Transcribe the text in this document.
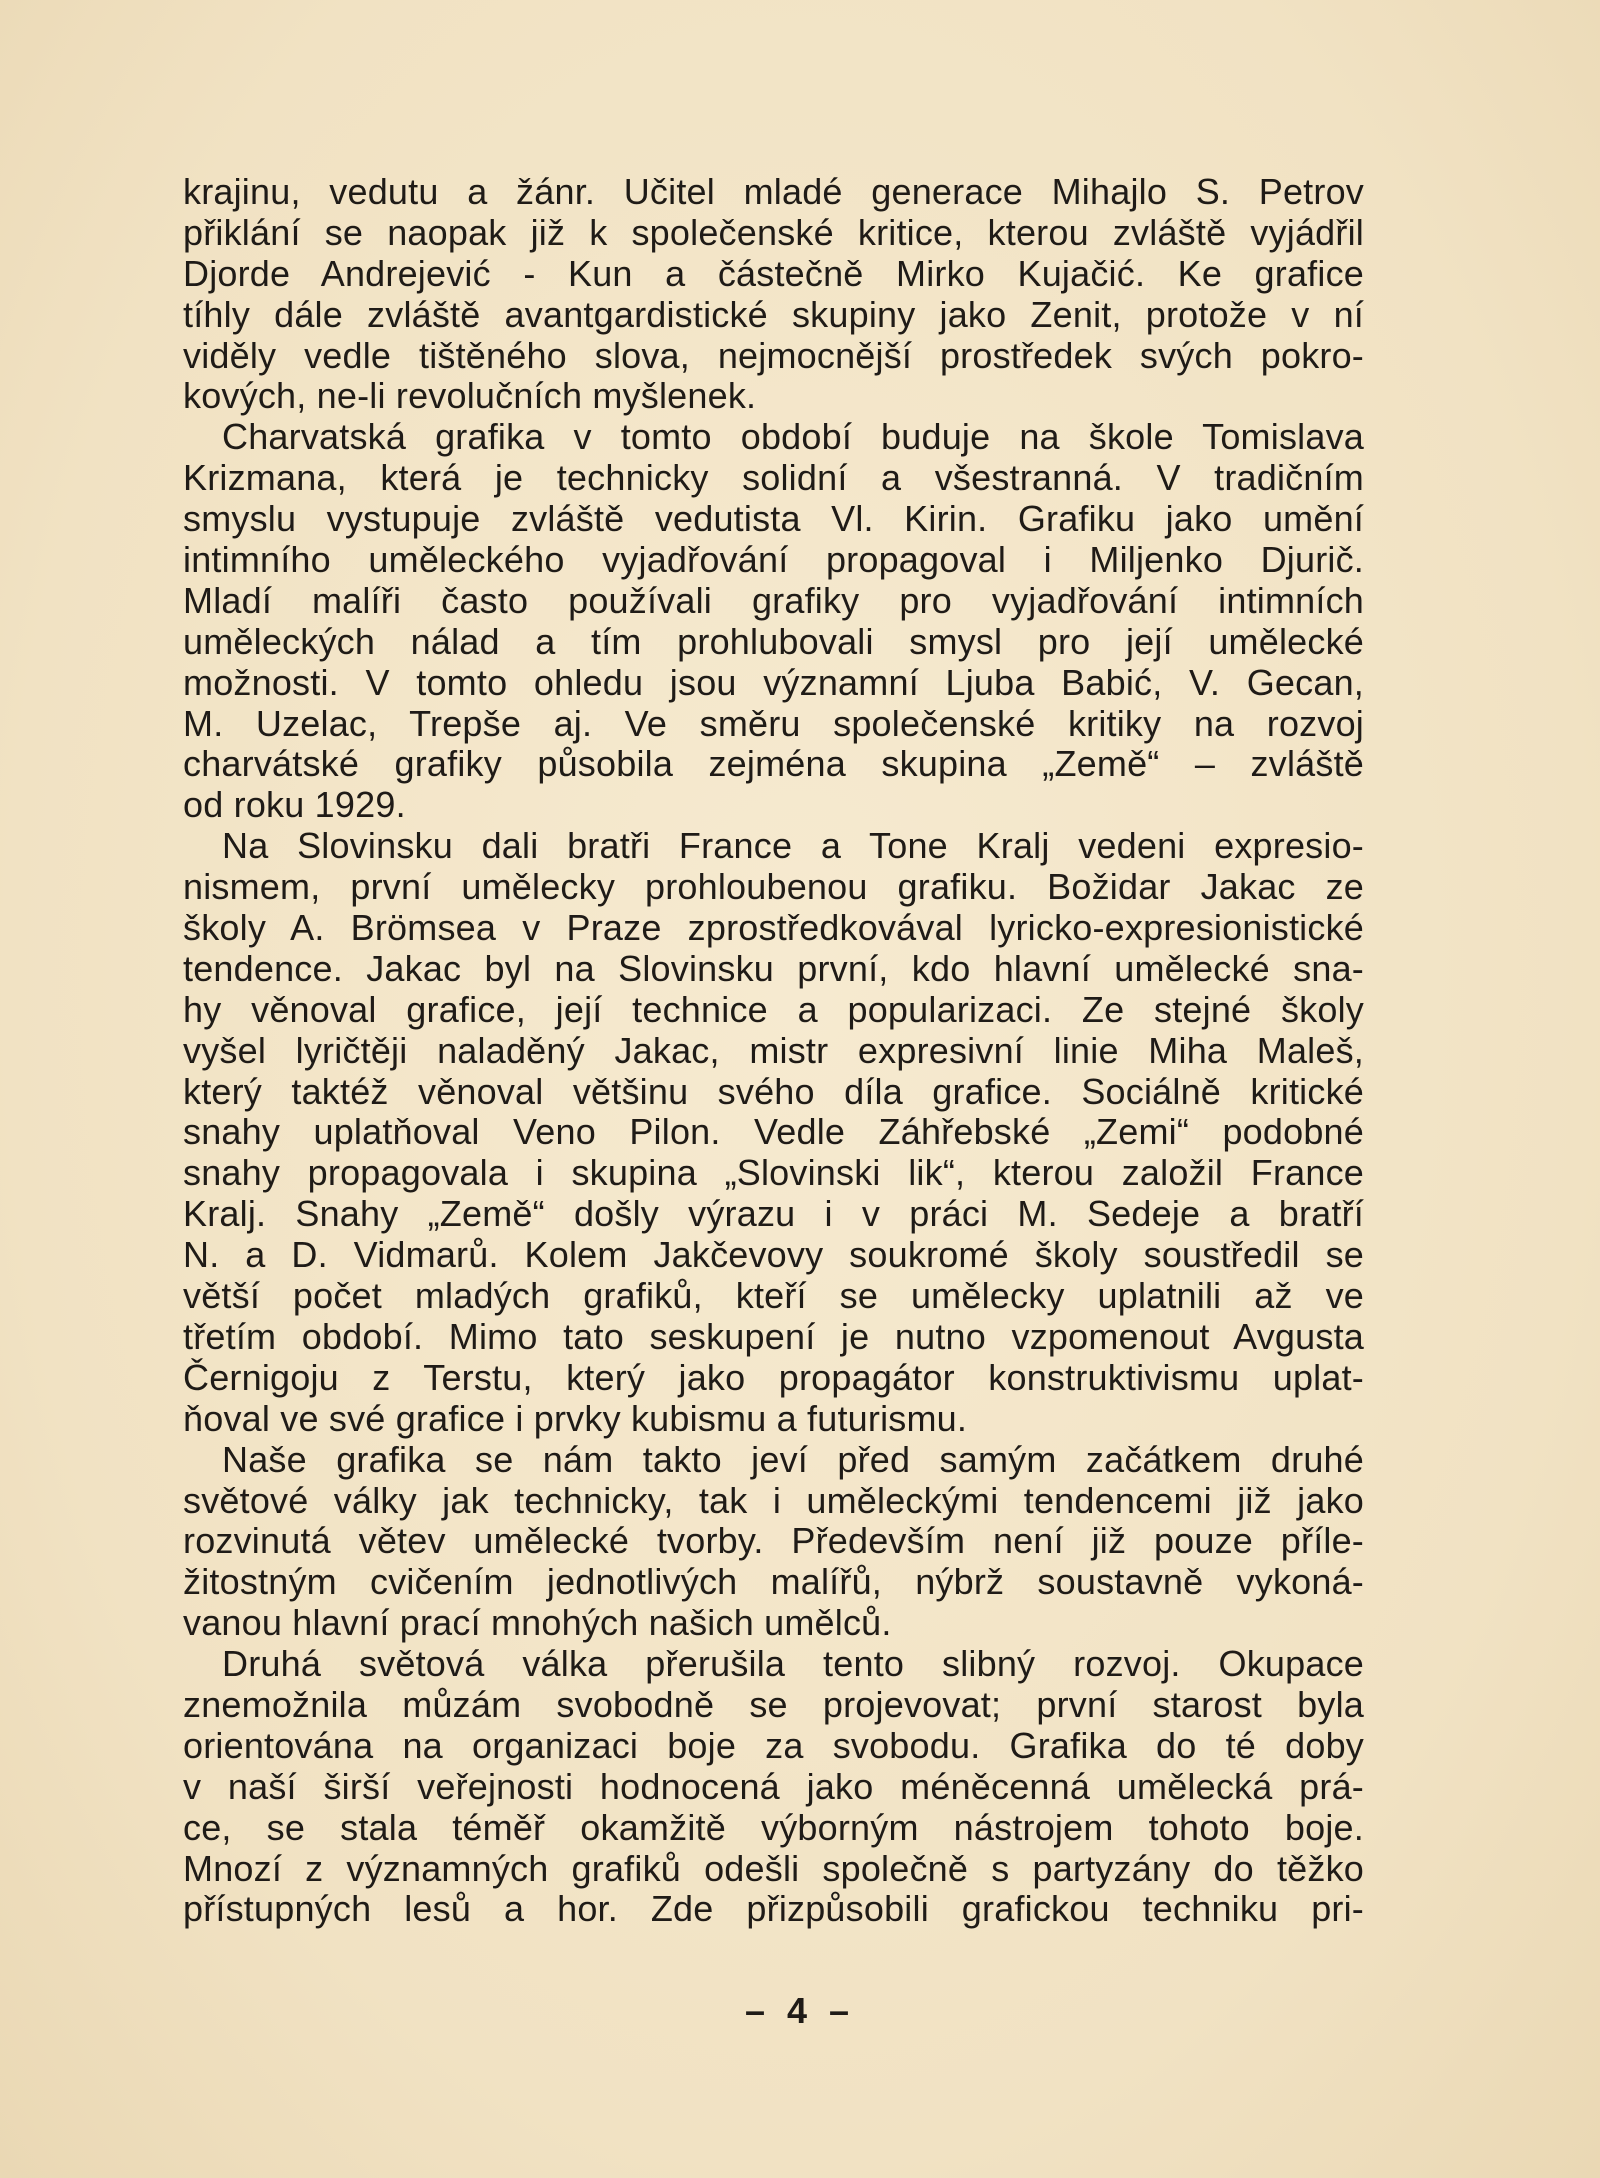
krajinu, vedutu a žánr. Učitel mladé generace Mihajlo S. Petrov
přiklání se naopak již k společenské kritice, kterou zvláště vyjádřil
Djorde Andrejević - Kun a částečně Mirko Kujačić. Ke grafice
tíhly dále zvláště avantgardistické skupiny jako Zenit, protože v ní
viděly vedle tištěného slova, nejmocnější prostředek svých pokro-
kových, ne-li revolučních myšlenek.
Charvatská grafika v tomto období buduje na škole Tomislava
Krizmana, která je technicky solidní a všestranná. V tradičním
smyslu vystupuje zvláště vedutista Vl. Kirin. Grafiku jako umění
intimního uměleckého vyjadřování propagoval i Miljenko Djurič.
Mladí malíři často používali grafiky pro vyjadřování intimních
uměleckých nálad a tím prohlubovali smysl pro její umělecké
možnosti. V tomto ohledu jsou významní Ljuba Babić, V. Gecan,
M. Uzelac, Trepše aj. Ve směru společenské kritiky na rozvoj
charvátské grafiky působila zejména skupina „Země“ – zvláště
od roku 1929.
Na Slovinsku dali bratři France a Tone Kralj vedeni expresio-
nismem, první umělecky prohloubenou grafiku. Božidar Jakac ze
školy A. Brömsea v Praze zprostředkovával lyricko-expresionistické
tendence. Jakac byl na Slovinsku první, kdo hlavní umělecké sna-
hy věnoval grafice, její technice a popularizaci. Ze stejné školy
vyšel lyričtěji naladěný Jakac, mistr expresivní linie Miha Maleš,
který taktéž věnoval většinu svého díla grafice. Sociálně kritické
snahy uplatňoval Veno Pilon. Vedle Záhřebské „Zemi“ podobné
snahy propagovala i skupina „Slovinski lik“, kterou založil France
Kralj. Snahy „Země“ došly výrazu i v práci M. Sedeje a bratří
N. a D. Vidmarů. Kolem Jakčevovy soukromé školy soustředil se
větší počet mladých grafiků, kteří se umělecky uplatnili až ve
třetím období. Mimo tato seskupení je nutno vzpomenout Avgusta
Černigoju z Terstu, který jako propagátor konstruktivismu uplat-
ňoval ve své grafice i prvky kubismu a futurismu.
Naše grafika se nám takto jeví před samým začátkem druhé
světové války jak technicky, tak i uměleckými tendencemi již jako
rozvinutá větev umělecké tvorby. Především není již pouze příle-
žitostným cvičením jednotlivých malířů, nýbrž soustavně vykoná-
vanou hlavní prací mnohých našich umělců.
Druhá světová válka přerušila tento slibný rozvoj. Okupace
znemožnila můzám svobodně se projevovat; první starost byla
orientována na organizaci boje za svobodu. Grafika do té doby
v naší širší veřejnosti hodnocená jako méněcenná umělecká prá-
ce, se stala téměř okamžitě výborným nástrojem tohoto boje.
Mnozí z významných grafiků odešli společně s partyzány do těžko
přístupných lesů a hor. Zde přizpůsobili grafickou techniku pri-
– 4 –
